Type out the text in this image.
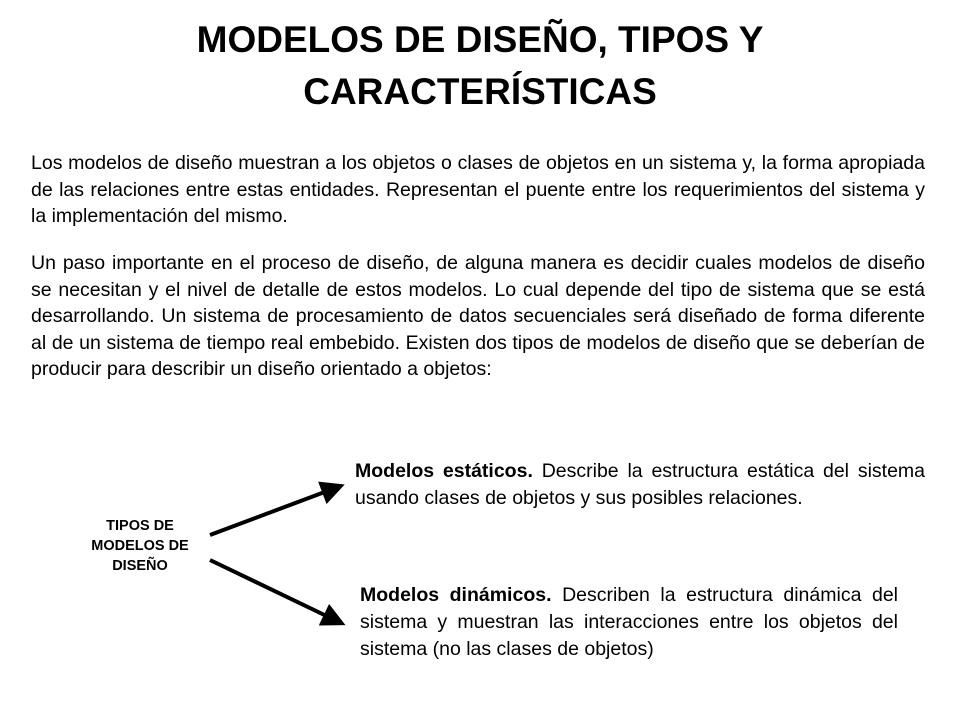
MODELOS DE DISEÑO, TIPOS Y
CARACTERÍSTICAS

Los modelos de diseño muestran a los objetos o clases de objetos en un sistema y, la forma apropiada de las relaciones entre estas entidades. Representan el puente entre los requerimientos del sistema y la implementación del mismo.

Un paso importante en el proceso de diseño, de alguna manera es decidir cuales modelos de diseño se necesitan y el nivel de detalle de estos modelos. Lo cual depende del tipo de sistema que se está desarrollando. Un sistema de procesamiento de datos secuenciales será diseñado de forma diferente al de un sistema de tiempo real embebido. Existen dos tipos de modelos de diseño que se deberían de producir para describir un diseño orientado a objetos:

TIPOS DE
MODELOS DE
DISEÑO

Modelos estáticos. Describe la estructura estática del sistema usando clases de objetos y sus posibles relaciones.

Modelos dinámicos. Describen la estructura dinámica del sistema y muestran las interacciones entre los objetos del sistema (no las clases de objetos)
